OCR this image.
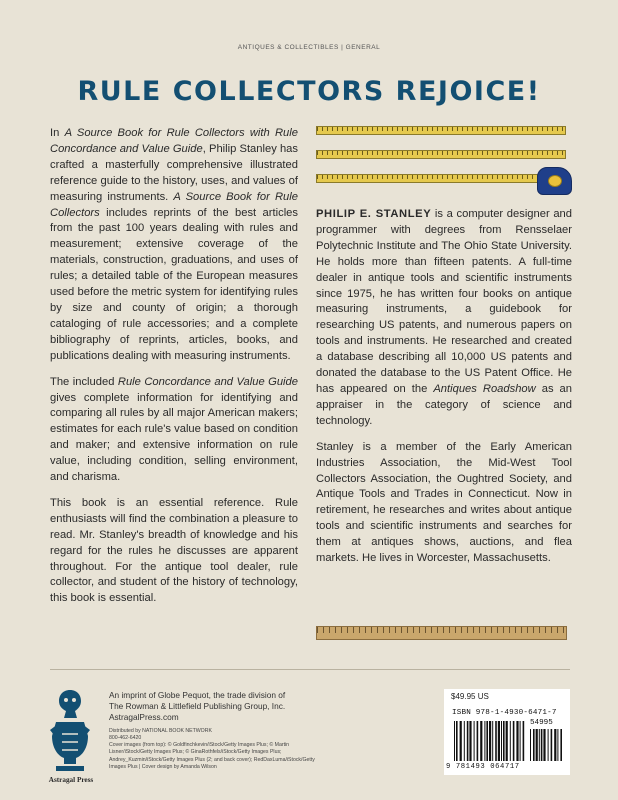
ANTIQUES & COLLECTIBLES | GENERAL
RULE COLLECTORS REJOICE!

In A Source Book for Rule Collectors with Rule Concordance and Value Guide, Philip Stanley has crafted a masterfully comprehensive illustrated reference guide to the history, uses, and values of measuring instruments. A Source Book for Rule Collectors includes reprints of the best articles from the past 100 years dealing with rules and measurement; extensive coverage of the materials, construction, graduations, and uses of rules; a detailed table of the European measures used before the metric system for identifying rules by size and county of origin; a thorough cataloging of rule accessories; and a complete bibliography of reprints, articles, books, and publications dealing with measuring instruments.

The included Rule Concordance and Value Guide gives complete information for identifying and comparing all rules by all major American makers; estimates for each rule's value based on condition and maker; and extensive information on rule value, including condition, selling environment, and charisma.

This book is an essential reference. Rule enthusiasts will find the combination a pleasure to read. Mr. Stanley's breadth of knowledge and his regard for the rules he discusses are apparent throughout. For the antique tool dealer, rule collector, and student of the history of technology, this book is essential.

PHILIP E. STANLEY is a computer designer and programmer with degrees from Rensselaer Polytechnic Institute and The Ohio State University. He holds more than fifteen patents. A full-time dealer in antique tools and scientific instruments since 1975, he has written four books on antique measuring instruments, a guidebook for researching US patents, and numerous papers on tools and instruments. He researched and created a database describing all 10,000 US patents and donated the database to the US Patent Office. He has appeared on the Antiques Roadshow as an appraiser in the category of science and technology.

Stanley is a member of the Early American Industries Association, the Mid-West Tool Collectors Association, the Oughtred Society, and Antique Tools and Trades in Connecticut. Now in retirement, he researches and writes about antique tools and scientific instruments and searches for them at antiques shows, auctions, and flea markets. He lives in Worcester, Massachusetts.

Astragal Press
An imprint of Globe Pequot, the trade division of
The Rowman & Littlefield Publishing Group, Inc.
AstragalPress.com
Distributed by NATIONAL BOOK NETWORK
800-462-6420
Cover images (from top): © Goldfinchkevin/iStock/Getty Images Plus; © Martin Lisner/iStock/Getty Images Plus; © GinaRothfels/iStock/Getty Images Plus; Andrey_Kuzmin/iStock/Getty Images Plus (2; and back cover); RedDaxLuma/iStock/Getty Images Plus | Cover design by Amanda Wilson
$49.95 US
ISBN 978-1-4930-6471-7
54995
9 781493 064717
